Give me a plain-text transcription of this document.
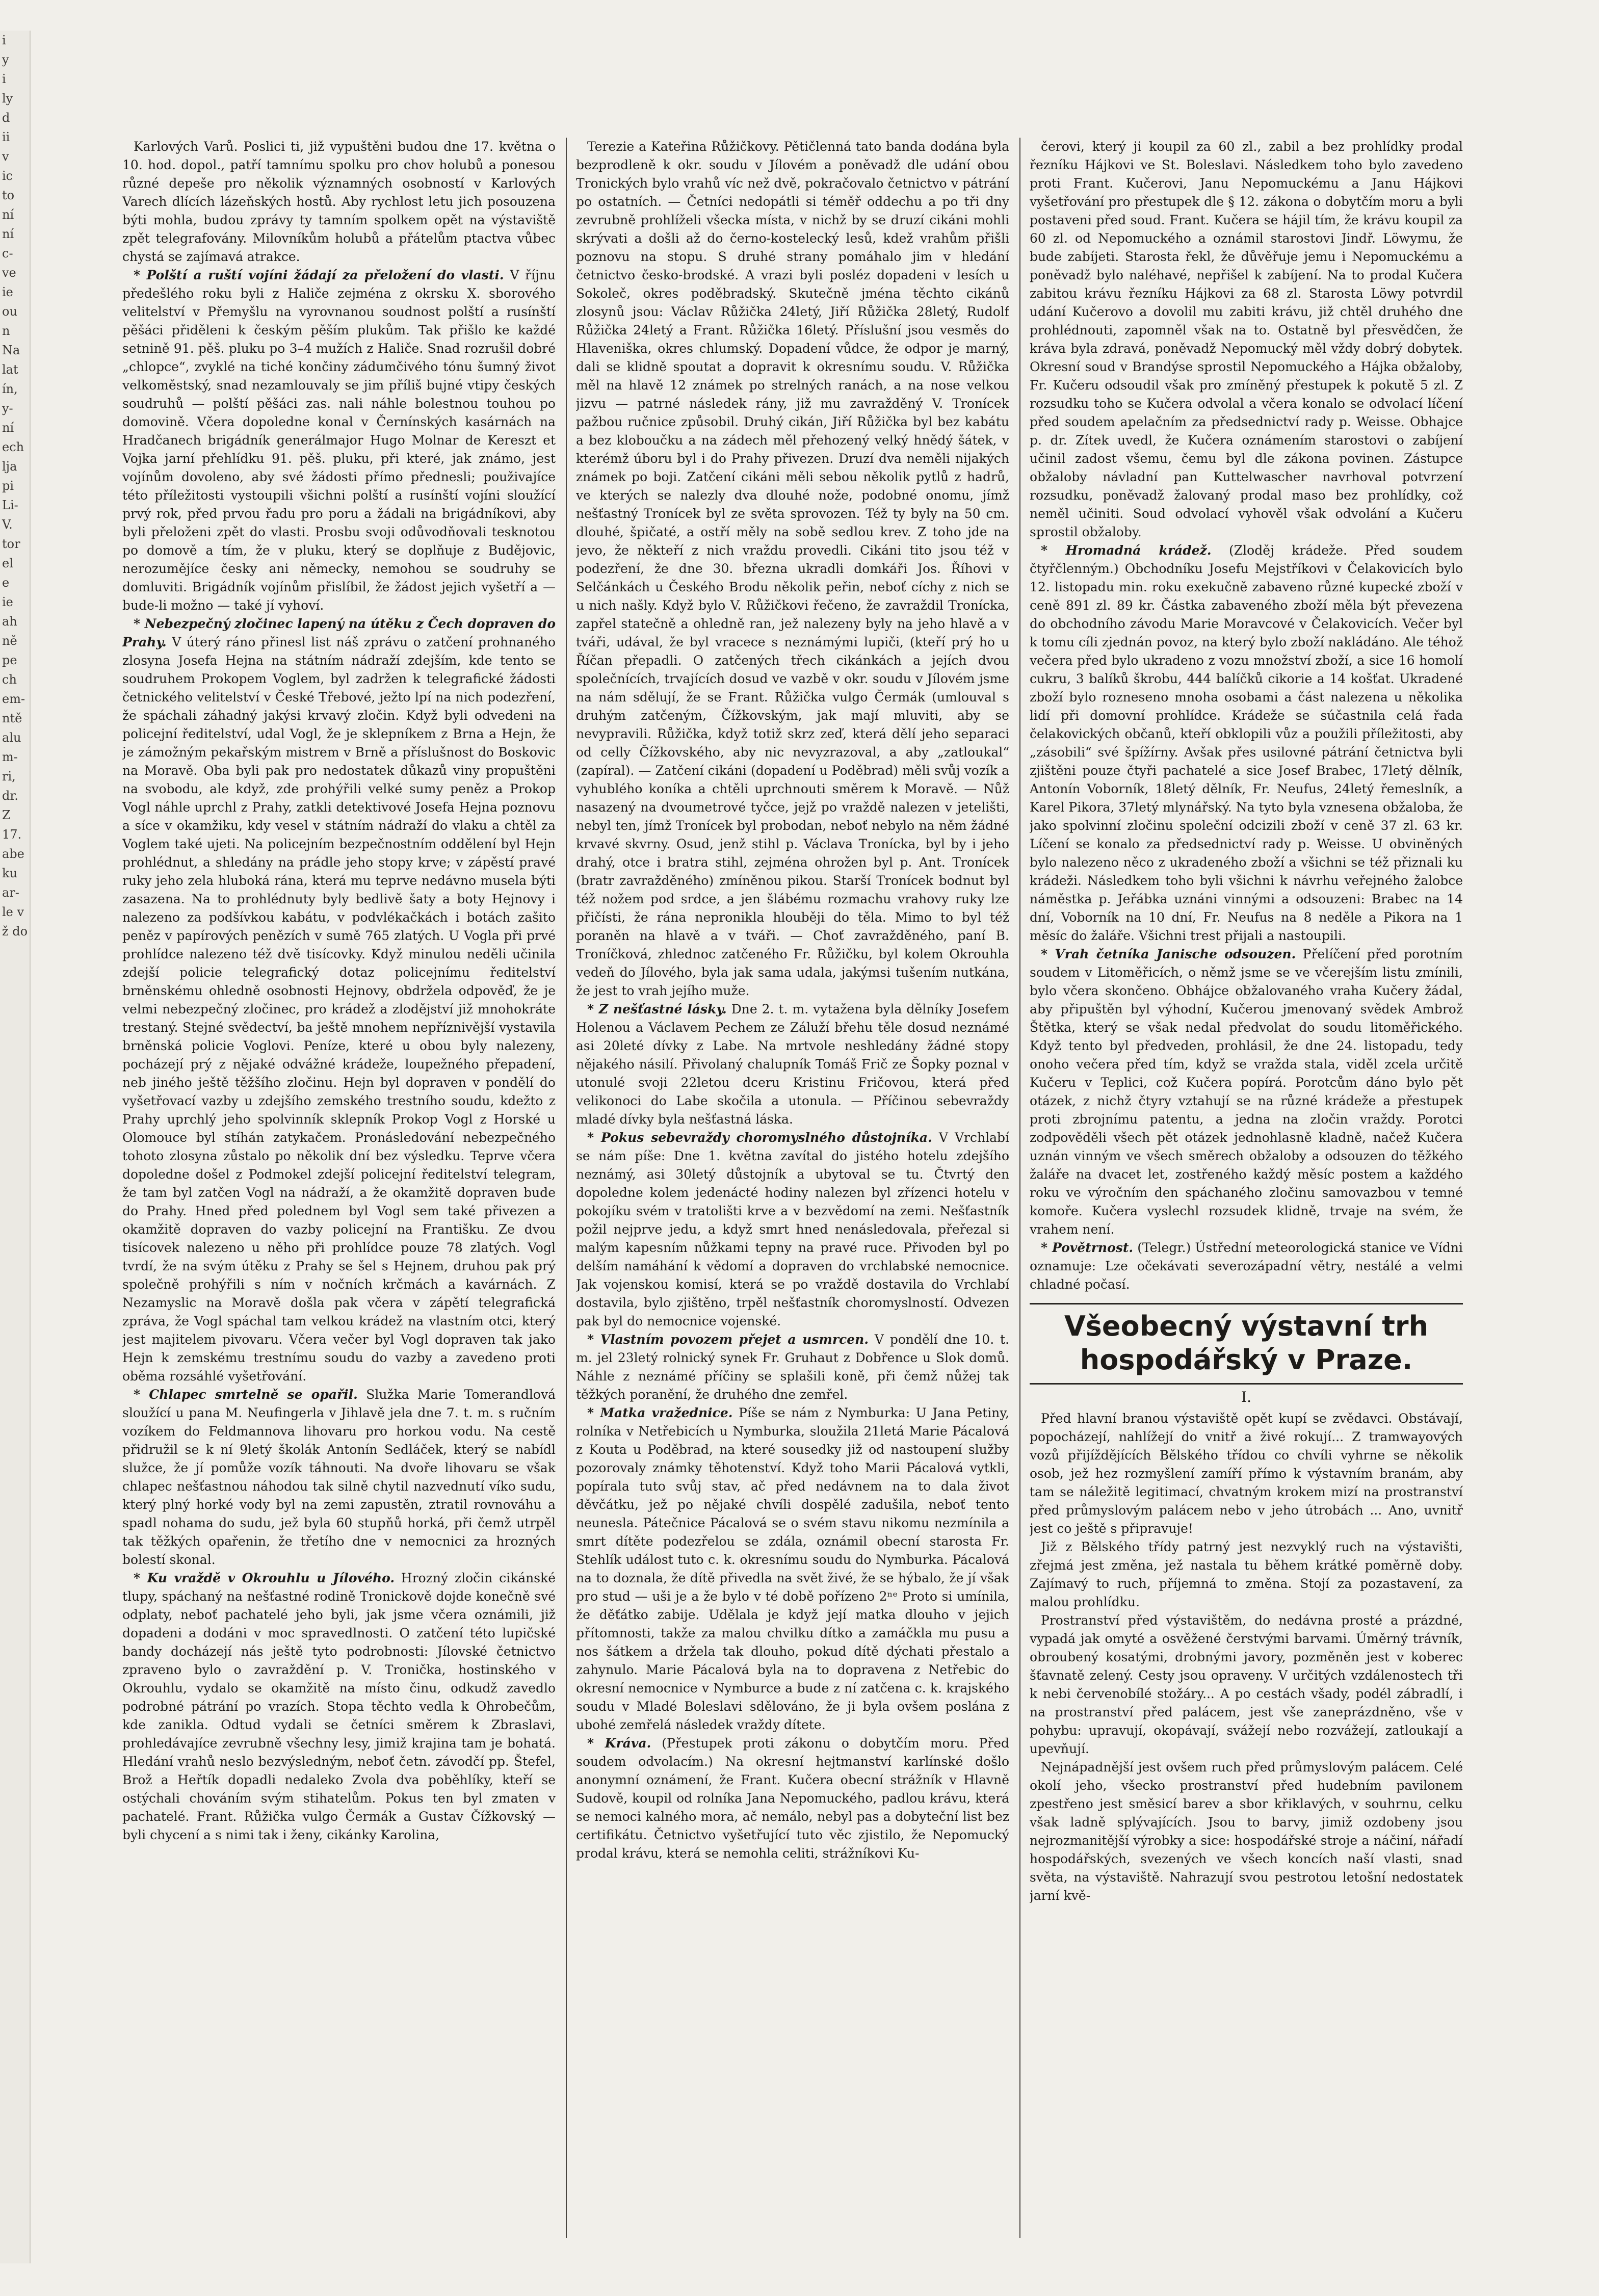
i
y
i
ly
d
ii
v
ic
to
ní
ní
c-
ve
ie
ou
n
Na
lat
ín,
y-
ní
ech
lja
pi
Li-
V.
tor
el
e
ie
ah
ně
pe
ch
em-
ntě
alu
m-
ri,
dr.
Z 17.
abe
ku
ar-
le v
ž do

Karlových Varů. Poslici ti, již vypuštěni budou dne 17. května o 10. hod. dopol., patří tamnímu spolku pro chov holubů a ponesou různé depeše pro několik významných osobností v Karlových Varech dlících lázeňských hostů. Aby rychlost letu jich posouzena býti mohla, budou zprávy ty tamním spolkem opět na výstaviště zpět telegrafovány. Milovníkům holubů a přátelům ptactva vůbec chystá se zajímavá atrakce.

* Polští a ruští vojíni žádají za přeložení do vlasti. V říjnu předešlého roku byli z Haliče zejména z okrsku X. sborového velitelství v Přemyšlu na vyrovnanou soudnost polští a rusínští pěšáci přiděleni k českým pěším plukům. Tak přišlo ke každé setnině 91. pěš. pluku po 3–4 mužích z Haliče. Snad rozrušil dobré „chlopce“, zvyklé na tiché končiny zádumčivého tónu šumný život velkoměstský, snad nezamlouvaly se jim příliš bujné vtipy českých soudruhů — polští pěšáci zas. nali náhle bolestnou touhou po domovině. Včera dopoledne konal v Černínských kasárnách na Hradčanech brigádník generálmajor Hugo Molnar de Kereszt et Vojka jarní přehlídku 91. pěš. pluku, při které, jak známo, jest vojínům dovoleno, aby své žádosti přímo přednesli; použivajíce této příležitosti vystoupili všichni polští a rusínští vojíni sloužící prvý rok, před prvou řadu pro poru a žádali na brigádníkovi, aby byli přeloženi zpět do vlasti. Prosbu svoji odůvodňovali tesknotou po domově a tím, že v pluku, který se doplňuje z Budějovic, nerozumějíce česky ani německy, nemohou se soudruhy se domluviti. Brigádník vojínům přislíbil, že žádost jejich vyšetří a — bude-li možno — také jí vyhoví.

* Nebezpečný zločinec lapený na útěku z Čech dopraven do Prahy. V úterý ráno přinesl list náš zprávu o zatčení prohnaného zlosyna Josefa Hejna na státním nádraží zdejším, kde tento se soudruhem Prokopem Voglem, byl zadržen k telegrafické žádosti četnického velitelství v České Třebové, ježto lpí na nich podezření, že spáchali záhadný jakýsi krvavý zločin. Když byli odvedeni na policejní ředitelství, udal Vogl, že je sklepníkem z Brna a Hejn, že je zámožným pekařským mistrem v Brně a příslušnost do Boskovic na Moravě. Oba byli pak pro nedostatek důkazů viny propuštěni na svobodu, ale když, zde prohýřili velké sumy peněz a Prokop Vogl náhle uprchl z Prahy, zatkli detektivové Josefa Hejna poznovu a síce v okamžiku, kdy vesel v státním nádraží do vlaku a chtěl za Voglem také ujeti. Na policejním bezpečnostním oddělení byl Hejn prohlédnut, a shledány na prádle jeho stopy krve; v zápěstí pravé ruky jeho zela hluboká rána, která mu teprve nedávno musela býti zasazena. Na to prohlédnuty byly bedlivě šaty a boty Hejnovy i nalezeno za podšívkou kabátu, v podvlékačkách i botách zašito peněz v papírových penězích v sumě 765 zlatých. U Vogla při prvé prohlídce nalezeno též dvě tisícovky. Když minulou neděli učinila zdejší policie telegrafický dotaz policejnímu ředitelství brněnskému ohledně osobnosti Hejnovy, obdržela odpověď, že je velmi nebezpečný zločinec, pro krádež a zlodějství již mnohokráte trestaný. Stejné svědectví, ba ještě mnohem nepříznivější vystavila brněnská policie Voglovi. Peníze, které u obou byly nalezeny, pocházejí prý z nějaké odvážné krádeže, loupežného přepadení, neb jiného ještě těžšího zločinu. Hejn byl dopraven v pondělí do vyšetřovací vazby u zdejšího zemského trestního soudu, kdežto z Prahy uprchlý jeho spolvinník sklepník Prokop Vogl z Horské u Olomouce byl stíhán zatykačem. Pronásledování nebezpečného tohoto zlosyna zůstalo po několik dní bez výsledku. Teprve včera dopoledne došel z Podmokel zdejší policejní ředitelství telegram, že tam byl zatčen Vogl na nádraží, a že okamžitě dopraven bude do Prahy. Hned před polednem byl Vogl sem také přivezen a okamžitě dopraven do vazby policejní na Františku. Ze dvou tisícovek nalezeno u něho při prohlídce pouze 78 zlatých. Vogl tvrdí, že na svým útěku z Prahy se šel s Hejnem, druhou pak prý společně prohýřili s ním v nočních krčmách a kavárnách. Z Nezamyslic na Moravě došla pak včera v zápětí telegrafická zpráva, že Vogl spáchal tam velkou krádež na vlastním otci, který jest majitelem pivovaru. Včera večer byl Vogl dopraven tak jako Hejn k zemskému trestnímu soudu do vazby a zavedeno proti oběma rozsáhlé vyšetřování.

* Chlapec smrtelně se opařil. Služka Marie Tomerandlová sloužící u pana M. Neufingerla v Jihlavě jela dne 7. t. m. s ručním vozíkem do Feldmannova lihovaru pro horkou vodu. Na cestě přidružil se k ní 9letý školák Antonín Sedláček, který se nabídl služce, že jí pomůže vozík táhnouti. Na dvoře lihovaru se však chlapec nešťastnou náhodou tak silně chytil nazvednutí víko sudu, který plný horké vody byl na zemi zapustěn, ztratil rovnováhu a spadl nohama do sudu, jež byla 60 stupňů horká, při čemž utrpěl tak těžkých opařenin, že třetího dne v nemocnici za hrozných bolestí skonal.

* Ku vraždě v Okrouhlu u Jílového. Hrozný zločin cikánské tlupy, spáchaný na nešťastné rodině Tronickově dojde konečně své odplaty, neboť pachatelé jeho byli, jak jsme včera oznámili, již dopadeni a dodáni v moc spravedlnosti. O zatčení této lupičské bandy docházejí nás ještě tyto podrobnosti: Jílovské četnictvo zpraveno bylo o zavraždění p. V. Tronička, hostinského v Okrouhlu, vydalo se okamžitě na místo činu, odkudž zavedlo podrobné pátrání po vrazích. Stopa těchto vedla k Ohrobečům, kde zanikla. Odtud vydali se četníci směrem k Zbraslavi, prohledávajíce zevrubně všechny lesy, jimiž krajina tam je bohatá. Hledání vrahů neslo bezvýsledným, neboť četn. závodčí pp. Štefel, Brož a Heřtík dopadli nedaleko Zvola dva poběhlíky, kteří se ostýchali chováním svým stihatelům. Pokus ten byl zmaten v pachatelé. Frant. Růžička vulgo Čermák a Gustav Čížkovský — byli chycení a s nimi tak i ženy, cikánky Karolina,

Terezie a Kateřina Růžičkovy. Pětičlenná tato banda dodána byla bezprodleně k okr. soudu v Jílovém a poněvadž dle udání obou Tronických bylo vrahů víc než dvě, pokračovalo četnictvo v pátrání po ostatních. — Četníci nedopátli si téměř oddechu a po tři dny zevrubně prohlíželi všecka místa, v nichž by se druzí cikáni mohli skrývati a došli až do černo-kostelecký lesů, kdež vrahům přišli poznovu na stopu. S druhé strany pomáhalo jim v hledání četnictvo česko-brodské. A vrazi byli posléz dopadeni v lesích u Sokoleč, okres poděbradský. Skutečně jména těchto cikánů zlosynů jsou: Václav Růžička 24letý, Jiří Růžička 28letý, Rudolf Růžička 24letý a Frant. Růžička 16letý. Příslušní jsou vesměs do Hlaveniška, okres chlumský. Dopadení vůdce, že odpor je marný, dali se klidně spoutat a dopravit k okresnímu soudu. V. Růžička měl na hlavě 12 známek po strelných ranách, a na nose velkou jizvu — patrné následek rány, již mu zavražděný V. Tronícek pažbou ručnice způsobil. Druhý cikán, Jiří Růžička byl bez kabátu a bez kloboučku a na zádech měl přehozený velký hnědý šátek, v kterémž úboru byl i do Prahy přivezen. Druzí dva neměli nijakých známek po boji. Zatčení cikáni měli sebou několik pytlů z hadrů, ve kterých se nalezly dva dlouhé nože, podobné onomu, jímž nešťastný Tronícek byl ze světa sprovozen. Též ty byly na 50 cm. dlouhé, špičaté, a ostří měly na sobě sedlou krev. Z toho jde na jevo, že někteří z nich vraždu provedli. Cikáni tito jsou též v podezření, že dne 30. března ukradli domkáři Jos. Říhovi v Selčánkách u Českého Brodu několik peřin, neboť cíchy z nich se u nich našly. Když bylo V. Růžičkovi řečeno, že zavraždil Tronícka, zapřel statečně a ohledně ran, jež nalezeny byly na jeho hlavě a v tváři, udával, že byl vracece s neznámými lupiči, (kteří prý ho u Říčan přepadli. O zatčených třech cikánkách a jejích dvou společnících, trvajících dosud ve vazbě v okr. soudu v Jílovém jsme na nám sdělují, že se Frant. Růžička vulgo Čermák (umlouval s druhým zatčeným, Čížkovským, jak mají mluviti, aby se nevypravili. Růžička, když totiž skrz zeď, která dělí jeho separaci od celly Čížkovského, aby nic nevyzrazoval, a aby „zatloukal“ (zapíral). — Zatčení cikáni (dopadení u Poděbrad) měli svůj vozík a vyhublého koníka a chtěli uprchnouti směrem k Moravě. — Nůž nasazený na dvoumetrové tyčce, jejž po vraždě nalezen v jetelišti, nebyl ten, jímž Tronícek byl probodan, neboť nebylo na něm žádné krvavé skvrny. Osud, jenž stihl p. Václava Tronícka, byl by i jeho drahý, otce i bratra stihl, zejména ohrožen byl p. Ant. Tronícek (bratr zavražděného) zmíněnou pikou. Starší Tronícek bodnut byl též nožem pod srdce, a jen šlábému rozmachu vrahovy ruky lze přičísti, že rána nepronikla hlouběji do těla. Mimo to byl též poraněn na hlavě a v tváři. — Choť zavražděného, paní B. Troníčková, zhlednoc zatčeného Fr. Růžičku, byl kolem Okrouhla vedeň do Jílového, byla jak sama udala, jakýmsi tušením nutkána, že jest to vrah jejího muže.

* Z nešťastné lásky. Dne 2. t. m. vytažena byla dělníky Josefem Holenou a Václavem Pechem ze Záluží břehu těle dosud neznámé asi 20leté dívky z Labe. Na mrtvole neshledány žádné stopy nějakého násilí. Přivolaný chalupník Tomáš Frič ze Šopky poznal v utonulé svoji 22letou dceru Kristinu Fričovou, která před velikonoci do Labe skočila a utonula. — Příčinou sebevraždy mladé dívky byla nešťastná láska.

* Pokus sebevraždy choromyslného důstojníka. V Vrchlabí se nám píše: Dne 1. května zavítal do jistého hotelu zdejšího neznámý, asi 30letý důstojník a ubytoval se tu. Čtvrtý den dopoledne kolem jedenácté hodiny nalezen byl zřízenci hotelu v pokojíku svém v tratolišti krve a v bezvědomí na zemi. Nešťastník požil nejprve jedu, a když smrt hned nenásledovala, přeřezal si malým kapesním nůžkami tepny na pravé ruce. Přivoden byl po delším namáhání k vědomí a dopraven do vrchlabské nemocnice. Jak vojenskou komisí, která se po vraždě dostavila do Vrchlabí dostavila, bylo zjištěno, trpěl nešťastník choromyslností. Odvezen pak byl do nemocnice vojenské.

* Vlastním povozem přejet a usmrcen. V pondělí dne 10. t. m. jel 23letý rolnický synek Fr. Gruhaut z Dobřence u Slok domů. Náhle z neznámé příčiny se splašili koně, při čemž nůžej tak těžkých poranění, že druhého dne zemřel.

* Matka vražednice. Píše se nám z Nymburka: U Jana Petiny, rolníka v Netřebicích u Nymburka, sloužila 21letá Marie Pácalová z Kouta u Poděbrad, na které sousedky již od nastoupení služby pozorovaly známky těhotenství. Když toho Marii Pácalová vytkli, popírala tuto svůj stav, ač před nedávnem na to dala život děvčátku, jež po nějaké chvíli dospělé zadušila, neboť tento neunesla. Pátečnice Pácalová se o svém stavu nikomu nezmínila a smrt dítěte podezřelou se zdála, oznámil obecní starosta Fr. Stehlík událost tuto c. k. okresnímu soudu do Nymburka. Pácalová na to doznala, že dítě přivedla na svět živé, že se hýbalo, že jí však pro stud — uši je a že bylo v té době pořízeno 2ⁿᵉ Proto si umínila, že děťátko zabije. Udělala je když její matka dlouho v jejich přítomnosti, takže za malou chvilku dítko a zamáčkla mu pusu a nos šátkem a držela tak dlouho, pokud dítě dýchati přestalo a zahynulo. Marie Pácalová byla na to dopravena z Netřebic do okresní nemocnice v Nymburce a bude z ní zatčena c. k. krajského soudu v Mladé Boleslavi sdělováno, že ji byla ovšem poslána z ubohé zemřelá následek vraždy dítete.

* Kráva. (Přestupek proti zákonu o dobytčím moru. Před soudem odvolacím.) Na okresní hejtmanství karlínské došlo anonymní oznámení, že Frant. Kučera obecní strážník v Hlavně Sudově, koupil od rolníka Jana Nepomuckého, padlou krávu, která se nemoci kalného mora, ač nemálo, nebyl pas a dobyteční list bez certifikátu. Četnictvo vyšetřující tuto věc zjistilo, že Nepomucký prodal krávu, která se nemohla celiti, strážníkovi Ku-

čerovi, který ji koupil za 60 zl., zabil a bez prohlídky prodal řezníku Hájkovi ve St. Boleslavi. Následkem toho bylo zavedeno proti Frant. Kučerovi, Janu Nepomuckému a Janu Hájkovi vyšetřování pro přestupek dle § 12. zákona o dobytčím moru a byli postaveni před soud. Frant. Kučera se hájil tím, že krávu koupil za 60 zl. od Nepomuckého a oznámil starostovi Jindř. Löwymu, že bude zabíjeti. Starosta řekl, že důvěřuje jemu i Nepomuckému a poněvadž bylo naléhavé, nepřišel k zabíjení. Na to prodal Kučera zabitou krávu řezníku Hájkovi za 68 zl. Starosta Löwy potvrdil udání Kučerovo a dovolil mu zabiti krávu, již chtěl druhého dne prohlédnouti, zapomněl však na to. Ostatně byl přesvědčen, že kráva byla zdravá, poněvadž Nepomucký měl vždy dobrý dobytek. Okresní soud v Brandýse sprostil Nepomuckého a Hájka obžaloby, Fr. Kučeru odsoudil však pro zmíněný přestupek k pokutě 5 zl. Z rozsudku toho se Kučera odvolal a včera konalo se odvolací líčení před soudem apelačním za předsednictví rady p. Weisse. Obhajce p. dr. Zítek uvedl, že Kučera oznámením starostovi o zabíjení učinil zadost všemu, čemu byl dle zákona povinen. Zástupce obžaloby návladní pan Kuttelwascher navrhoval potvrzení rozsudku, poněvadž žalovaný prodal maso bez prohlídky, což neměl učiniti. Soud odvolací vyhověl však odvolání a Kučeru sprostil obžaloby.

* Hromadná krádež. (Zloděj krádeže. Před soudem čtyřčlenným.) Obchodníku Josefu Mejstříkovi v Čelakovicích bylo 12. listopadu min. roku exekučně zabaveno různé kupecké zboží v ceně 891 zl. 89 kr. Částka zabaveného zboží měla být převezena do obchodního závodu Marie Moravcové v Čelakovicích. Večer byl k tomu cíli zjednán povoz, na který bylo zboží nakládáno. Ale téhož večera před bylo ukradeno z vozu množství zboží, a sice 16 homolí cukru, 3 balíků škrobu, 444 balíčků cikorie a 14 košťat. Ukradené zboží bylo rozneseno mnoha osobami a část nalezena u několika lidí při domovní prohlídce. Krádeže se súčastnila celá řada čelakovických občanů, kteří obklopili vůz a použili příležitosti, aby „zásobili“ své špížírny. Avšak přes usilovné pátrání četnictva byli zjištěni pouze čtyři pachatelé a sice Josef Brabec, 17letý dělník, Antonín Voborník, 18letý dělník, Fr. Neufus, 24letý řemeslník, a Karel Pikora, 37letý mlynářský. Na tyto byla vznesena obžaloba, že jako spolvinní zločinu společní odcizili zboží v ceně 37 zl. 63 kr. Líčení se konalo za předsednictví rady p. Weisse. U obviněných bylo nalezeno něco z ukradeného zboží a všichni se též přiznali ku krádeži. Následkem toho byli všichni k návrhu veřejného žalobce náměstka p. Jeřábka uznáni vinnými a odsouzeni: Brabec na 14 dní, Voborník na 10 dní, Fr. Neufus na 8 neděle a Pikora na 1 měsíc do žaláře. Všichni trest přijali a nastoupili.

* Vrah četníka Janische odsouzen. Přelíčení před porotním soudem v Litoměřicích, o němž jsme se ve včerejším listu zmínili, bylo včera skončeno. Obhájce obžalovaného vraha Kučery žádal, aby připuštěn byl výhodní, Kučerou jmenovaný svědek Ambrož Štětka, který se však nedal předvolat do soudu litoměřického. Když tento byl předveden, prohlásil, že dne 24. listopadu, tedy onoho večera před tím, když se vražda stala, viděl zcela určitě Kučeru v Teplici, což Kučera popírá. Porotcům dáno bylo pět otázek, z nichž čtyry vztahují se na různé krádeže a přestupek proti zbrojnímu patentu, a jedna na zločin vraždy. Porotci zodpověděli všech pět otázek jednohlasně kladně, načež Kučera uznán vinným ve všech směrech obžaloby a odsouzen do těžkého žaláře na dvacet let, zostřeného každý měsíc postem a každého roku ve výročním den spáchaného zločinu samovazbou v temné komoře. Kučera vyslechl rozsudek klidně, trvaje na svém, že vrahem není.

* Povětrnost. (Telegr.) Ústřední meteorologická stanice ve Vídni oznamuje: Lze očekávati severozápadní větry, nestálé a velmi chladné počasí.

Všeobecný výstavní trh hospodářský v Praze.
I.

Před hlavní branou výstaviště opět kupí se zvědavci. Obstávají, popocházejí, nahlížejí do vnitř a živé rokují... Z tramwayových vozů přijíždějících Bělského třídou co chvíli vyhrne se několik osob, jež hez rozmyšlení zamíří přímo k výstavním branám, aby tam se náležitě legitimací, chvatným krokem mizí na prostranství před průmyslovým palácem nebo v jeho útrobách ... Ano, uvnitř jest co ještě s připravuje!

Již z Bělského třídy patrný jest nezvyklý ruch na výstavišti, zřejmá jest změna, jež nastala tu během krátké poměrně doby. Zajímavý to ruch, příjemná to změna. Stojí za pozastavení, za malou prohlídku.

Prostranství před výstavištěm, do nedávna prosté a prázdné, vypadá jak omyté a osvěžené čerstvými barvami. Úměrný trávník, obroubený kosatými, drobnými javory, pozměněn jest v koberec šťavnatě zelený. Cesty jsou opraveny. V určitých vzdálenostech tři k nebi červenobílé stožáry... A po cestách všady, podél zábradlí, i na prostranství před palácem, jest vše zaneprázdněno, vše v pohybu: upravují, okopávají, svážejí nebo rozvážejí, zatloukají a upevňují.

Nejnápadnější jest ovšem ruch před průmyslovým palácem. Celé okolí jeho, všecko prostranství před hudebním pavilonem zpestřeno jest směsicí barev a sbor křiklavých, v souhrnu, celku však ladně splývajících. Jsou to barvy, jimiž ozdobeny jsou nejrozmanitější výrobky a sice: hospodářské stroje a náčiní, nářadí hospodářských, svezených ve všech koncích naší vlasti, snad světa, na výstaviště. Nahrazují svou pestrotou letošní nedostatek jarní kvě-
